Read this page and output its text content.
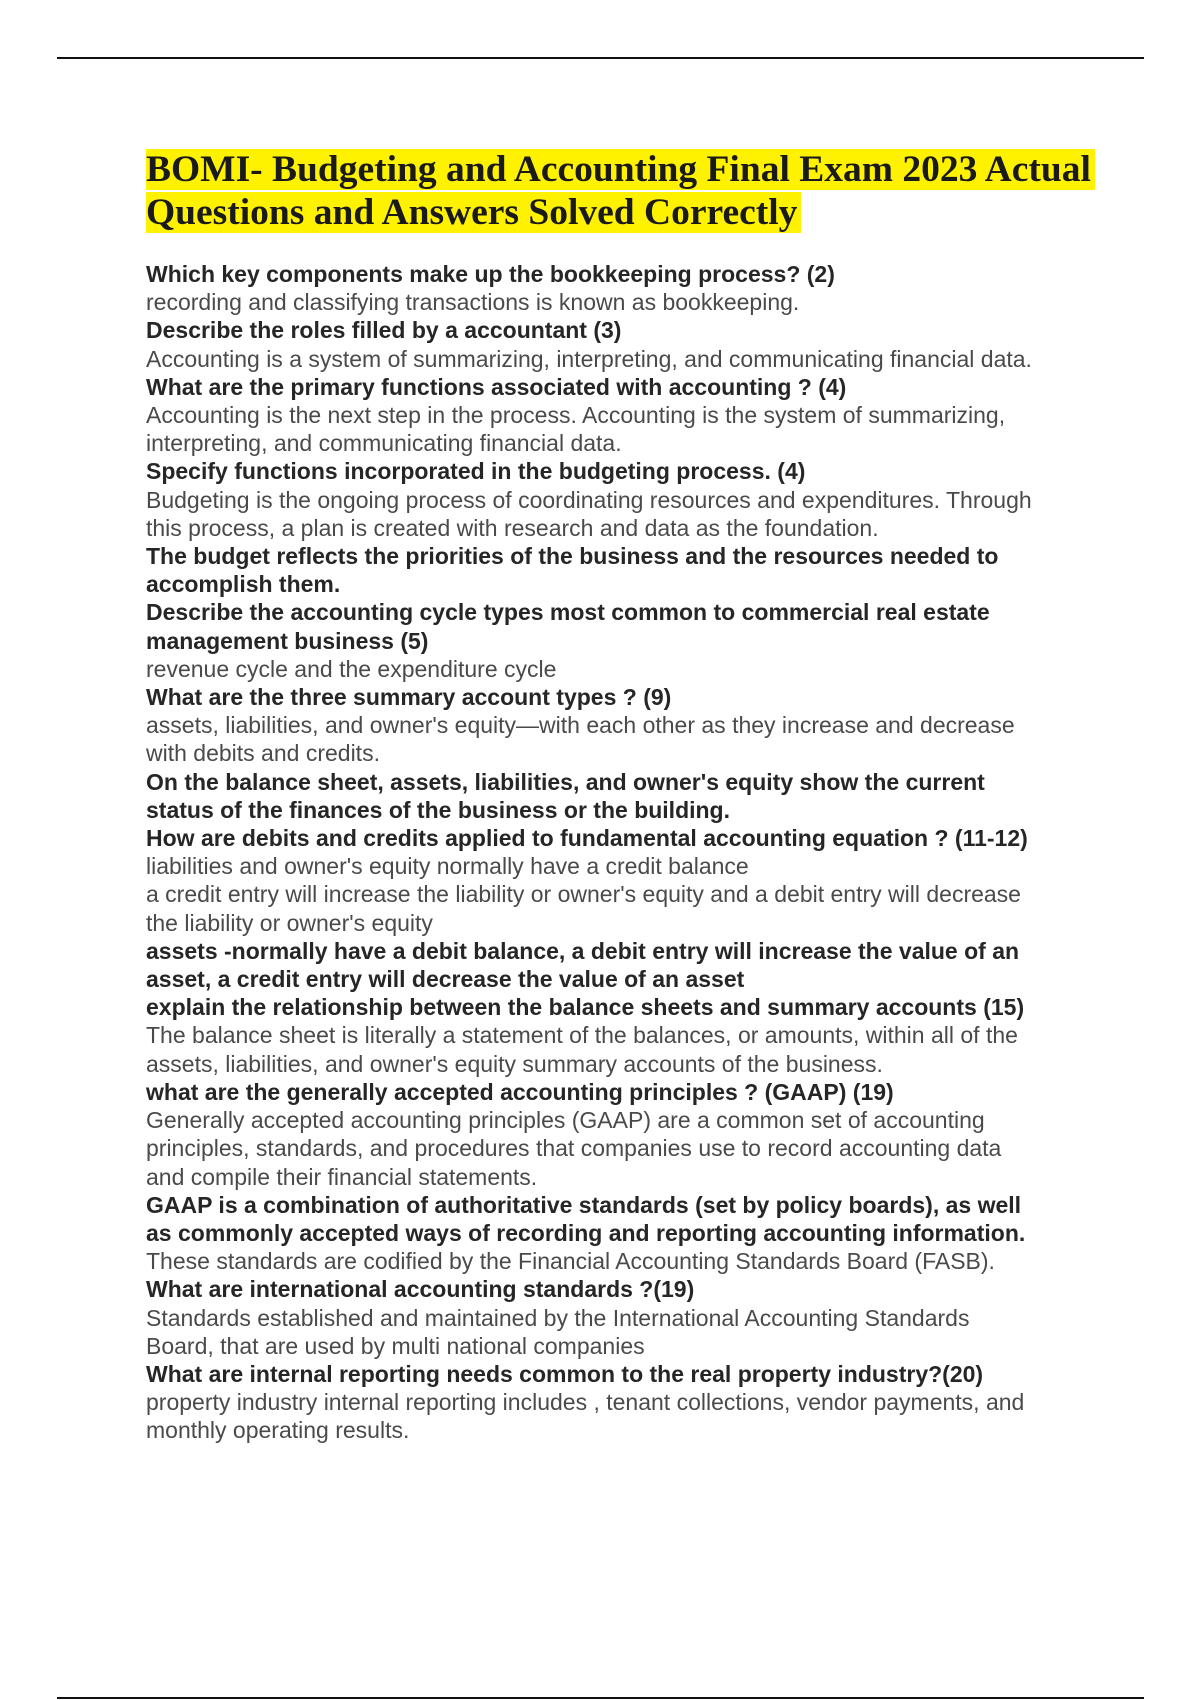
BOMI- Budgeting and Accounting Final Exam 2023 Actual
Questions and Answers Solved Correctly
Which key components make up the bookkeeping process? (2)
recording and classifying transactions is known as bookkeeping.
Describe the roles filled by a accountant (3)
Accounting is a system of summarizing, interpreting, and communicating financial data.
What are the primary functions associated with accounting ? (4)
Accounting is the next step in the process. Accounting is the system of summarizing,
interpreting, and communicating financial data.
Specify functions incorporated in the budgeting process. (4)
Budgeting is the ongoing process of coordinating resources and expenditures. Through
this process, a plan is created with research and data as the foundation.
The budget reflects the priorities of the business and the resources needed to
accomplish them.
Describe the accounting cycle types most common to commercial real estate
management business (5)
revenue cycle and the expenditure cycle
What are the three summary account types ? (9)
assets, liabilities, and owner's equity—with each other as they increase and decrease
with debits and credits.
On the balance sheet, assets, liabilities, and owner's equity show the current
status of the finances of the business or the building.
How are debits and credits applied to fundamental accounting equation ? (11-12)
liabilities and owner's equity normally have a credit balance
a credit entry will increase the liability or owner's equity and a debit entry will decrease
the liability or owner's equity
assets -normally have a debit balance, a debit entry will increase the value of an
asset, a credit entry will decrease the value of an asset
explain the relationship between the balance sheets and summary accounts (15)
The balance sheet is literally a statement of the balances, or amounts, within all of the
assets, liabilities, and owner's equity summary accounts of the business.
what are the generally accepted accounting principles ? (GAAP) (19)
Generally accepted accounting principles (GAAP) are a common set of accounting
principles, standards, and procedures that companies use to record accounting data
and compile their financial statements.
GAAP is a combination of authoritative standards (set by policy boards), as well
as commonly accepted ways of recording and reporting accounting information.
These standards are codified by the Financial Accounting Standards Board (FASB).
What are international accounting standards ?(19)
Standards established and maintained by the International Accounting Standards
Board, that are used by multi national companies
What are internal reporting needs common to the real property industry?(20)
property industry internal reporting includes , tenant collections, vendor payments, and
monthly operating results.
